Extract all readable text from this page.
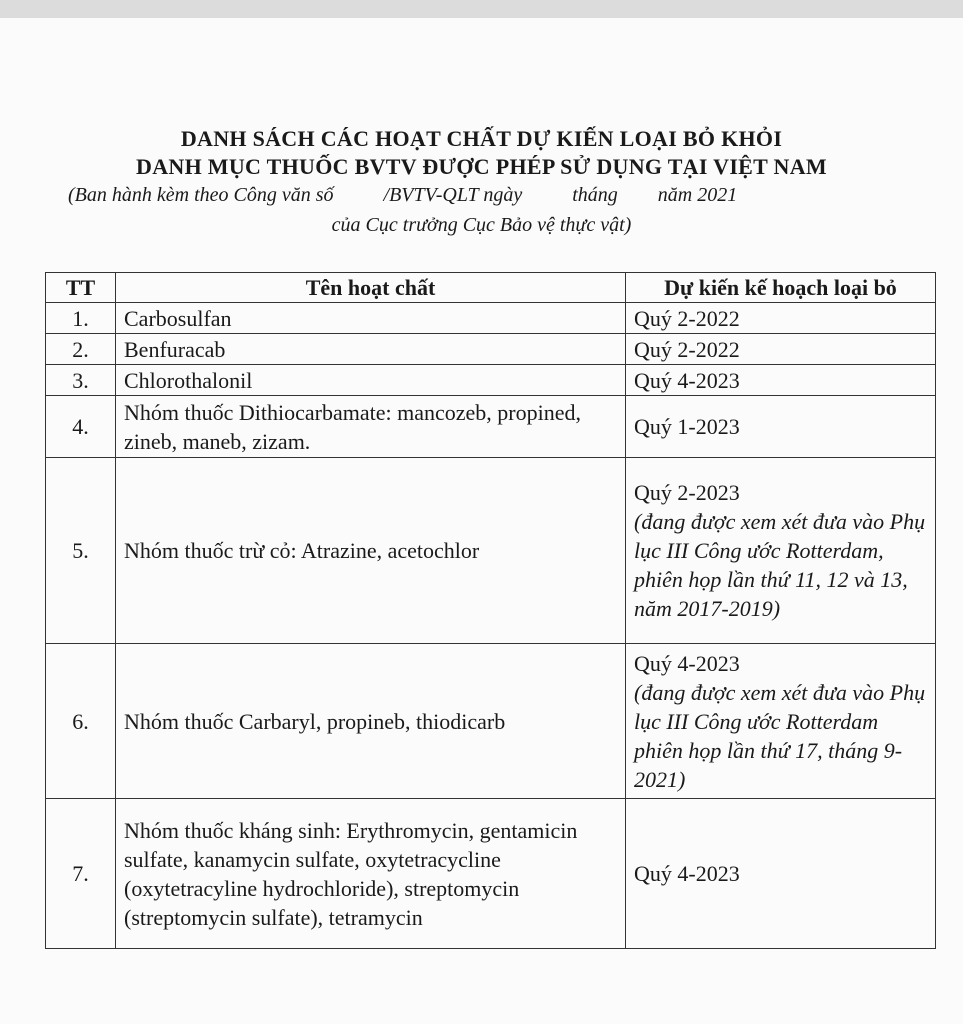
DANH SÁCH CÁC HOẠT CHẤT DỰ KIẾN LOẠI BỎ KHỎI
DANH MỤC THUỐC BVTV ĐƯỢC PHÉP SỬ DỤNG TẠI VIỆT NAM
(Ban hành kèm theo Công văn số          /BVTV-QLT ngày          tháng        năm 2021
của Cục trưởng Cục Bảo vệ thực vật)
TT	Tên hoạt chất	Dự kiến kế hoạch loại bỏ
1.	Carbosulfan	Quý 2-2022
2.	Benfuracab	Quý 2-2022
3.	Chlorothalonil	Quý 4-2023
4.	Nhóm thuốc Dithiocarbamate: mancozeb, propined, zineb, maneb, zizam.	Quý 1-2023
5.	Nhóm thuốc trừ cỏ: Atrazine, acetochlor	Quý 2-2023
(đang được xem xét đưa vào Phụ lục III Công ước Rotterdam, phiên họp lần thứ 11, 12 và 13, năm 2017-2019)

6.	Nhóm thuốc Carbaryl, propineb, thiodicarb	Quý 4-2023
(đang được xem xét đưa vào Phụ lục III Công ước Rotterdam phiên họp lần thứ 17, tháng 9-2021)

7.	Nhóm thuốc kháng sinh: Erythromycin, gentamicin sulfate, kanamycin sulfate, oxytetracycline (oxytetracyline hydrochloride), streptomycin (streptomycin sulfate), tetramycin	Quý 4-2023
